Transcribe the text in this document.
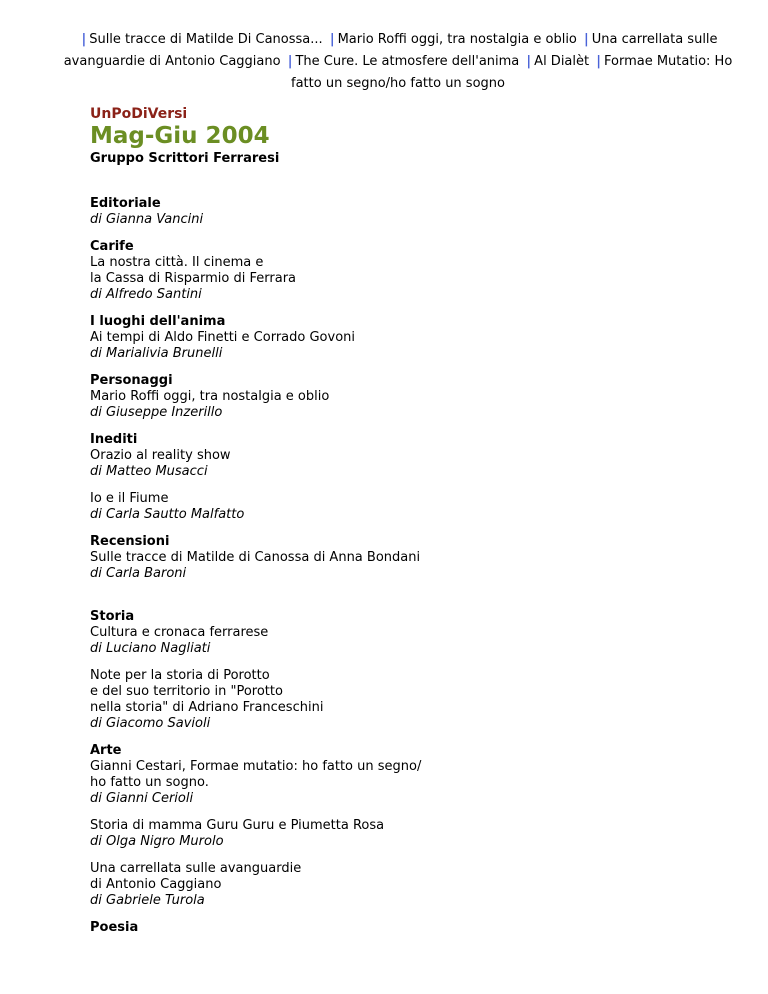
| Sulle tracce di Matilde Di Canossa... | Mario Roffi oggi, tra nostalgia e oblio | Una carrellata sulle avanguardie di Antonio Caggiano | The Cure. Le atmosfere dell'anima | Al Dialèt | Formae Mutatio: Ho fatto un segno/ho fatto un sogno
UnPoDiVersi
Mag-Giu 2004
Gruppo Scrittori Ferraresi
Editoriale
di Gianna Vancini
Carife
La nostra città. Il cinema e
la Cassa di Risparmio di Ferrara
di Alfredo Santini
I luoghi dell'anima
Ai tempi di Aldo Finetti e Corrado Govoni
di Marialivia Brunelli
Personaggi
Mario Roffi oggi, tra nostalgia e oblio
di Giuseppe Inzerillo
Inediti
Orazio al reality show
di Matteo Musacci
Io e il Fiume
di Carla Sautto Malfatto
Recensioni
Sulle tracce di Matilde di Canossa di Anna Bondani
di Carla Baroni
Storia
Cultura e cronaca ferrarese
di Luciano Nagliati
Note per la storia di Porotto
e del suo territorio in "Porotto
nella storia" di Adriano Franceschini
di Giacomo Savioli
Arte
Gianni Cestari, Formae mutatio: ho fatto un segno/
ho fatto un sogno.
di Gianni Cerioli
Storia di mamma Guru Guru e Piumetta Rosa
di Olga Nigro Murolo
Una carrellata sulle avanguardie
di Antonio Caggiano
di Gabriele Turola
Poesia
